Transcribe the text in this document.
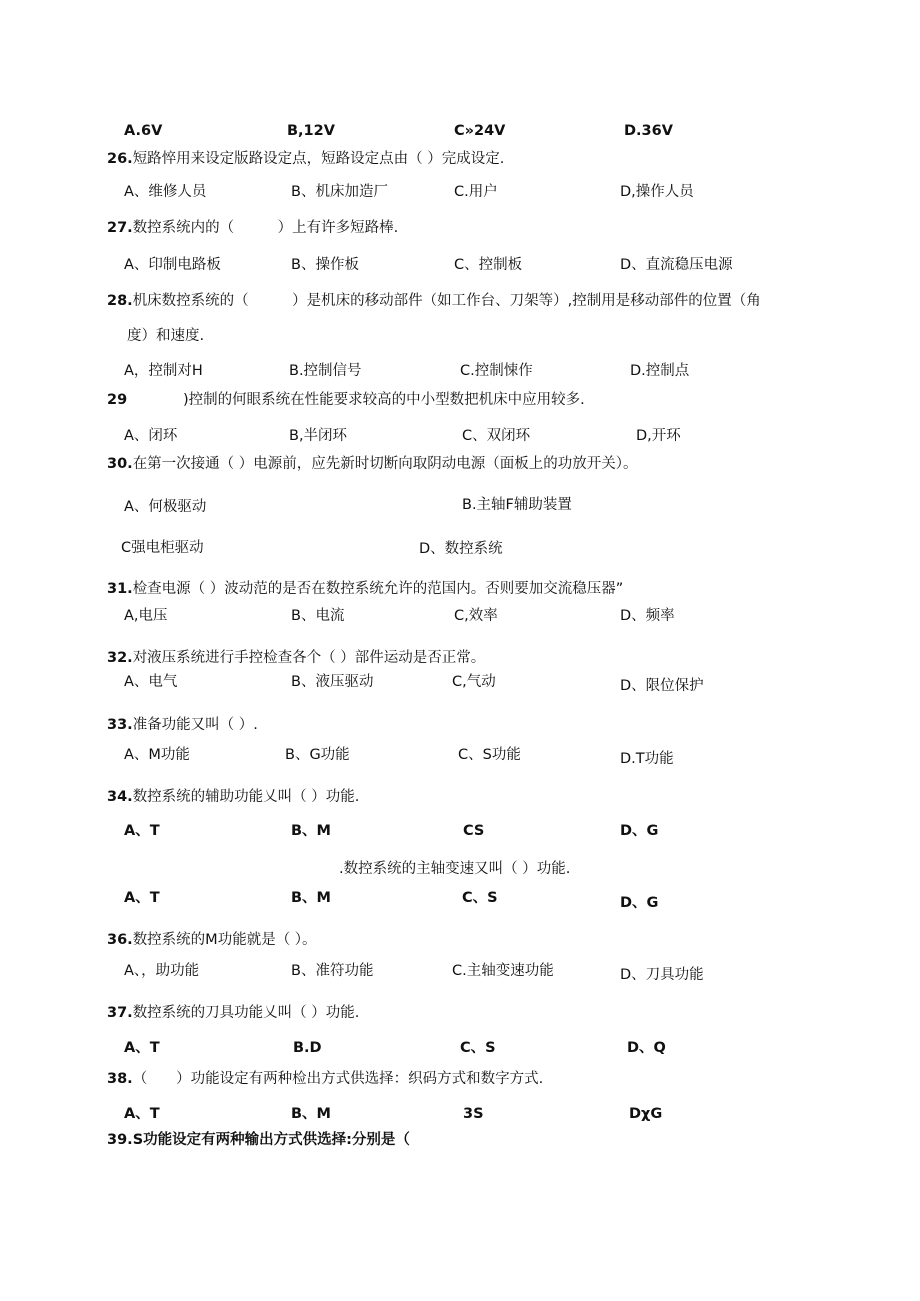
A.6V	B,12V	C»24V	D.36V
26.短路悴用来设定版路设定点，短路设定点由（ ）完成设定.
A、维修人员	B、机床加造厂	C.用户	D,操作人员
27.数控系统内的（　　　）上有许多短路棒.
A、印制电路板	B、操作板	C、控制板	D、直流稳压电源
28.机床数控系统的（　　　）是机床的移动部件（如工作台、刀架等）,控制用是移动部件的位置（角
度）和速度.
A，控制对H	B.控制信号	C.控制悚作	D.控制点
29	)控制的何眼系统在性能要求较高的中小型数把机床中应用较多.
A、闭环	B,半闭环	C、双闭环	D,开环
30.在第一次接通（ ）电源前，应先新时切断向取阴动电源（面板上的功放开关）。
A、何极驱动	B.主轴F辅助装置
C强电柜驱动	D、数控系统
31.检查电源（ ）波动范的是否在数控系统允许的范国内。否则要加交流稳压器”
A,电压	B、电流	C,效率	D、频率
32.对液压系统进行手控检查各个（ ）部件运动是否正常。
A、电气	B、液压驱动	C,气动	D、限位保护
33.准备功能又叫（ ）.
A、M功能	B、G功能	C、S功能	D.T功能
34.数控系统的辅助功能乂叫（ ）功能.
A、T	B、M	CS	D、G
.数控系统的主轴变速又叫（ ）功能.
A、T	B、M	C、S	D、G
36.数控系统的M功能就是（ ）。
A、，助功能	B、准符功能	C.主轴变速功能	D、刀具功能
37.数控系统的刀具功能乂叫（ ）功能.
A、T	B.D	C、S	D、Q
38.（　　）功能设定有两种检出方式供选择：织码方式和数字方式.
A、T	B、M	3S	DχG
39.S功能设定有两种输出方式供选择:分别是（
